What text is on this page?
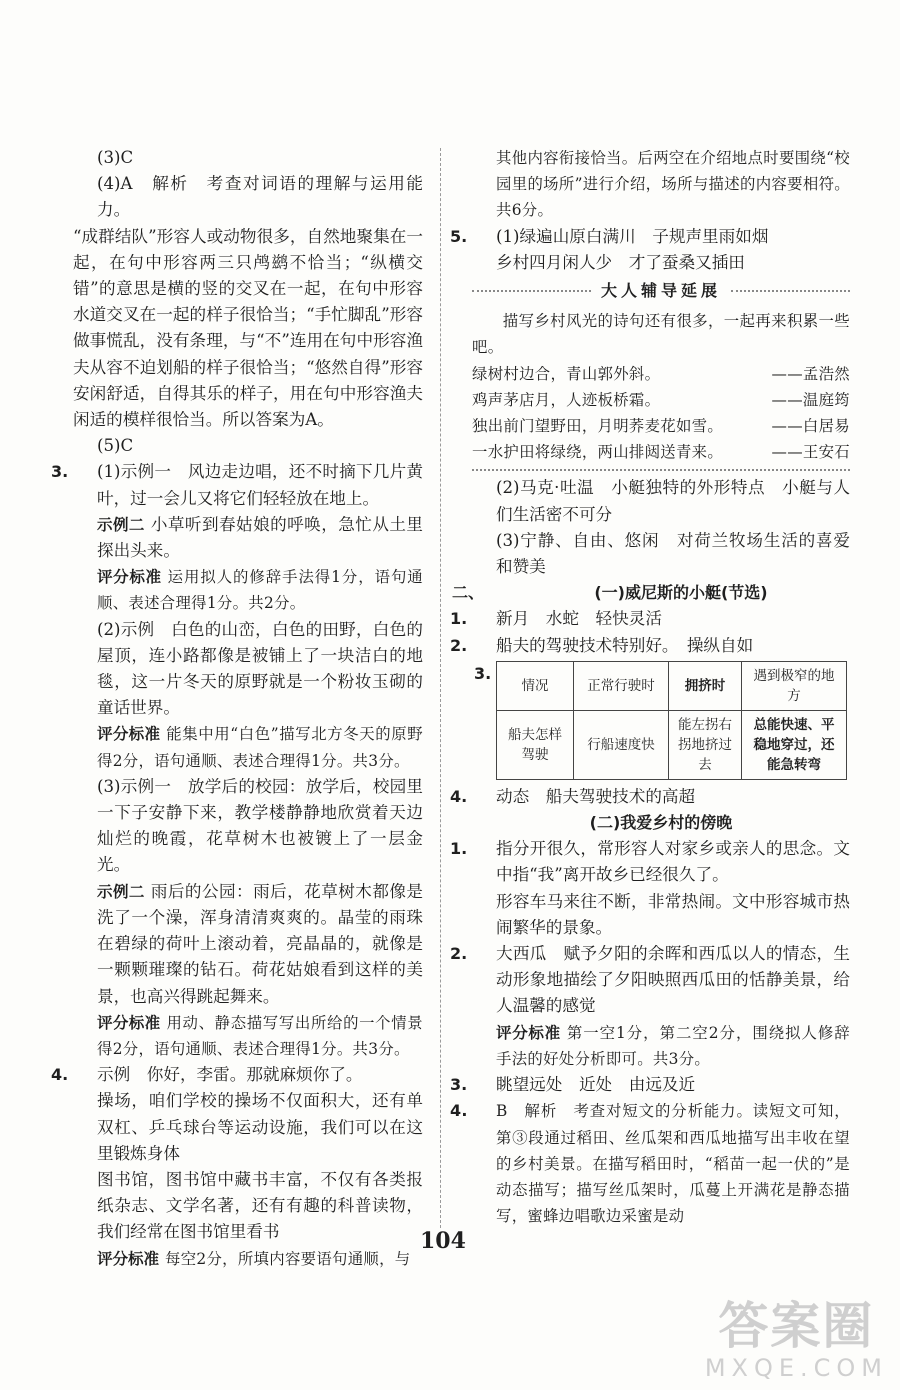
(3)C

(4)A　解析　考查对词语的理解与运用能力。

“成群结队”形容人或动物很多，自然地聚集在一起，在句中形容两三只鸬鹚不恰当；“纵横交错”的意思是横的竖的交叉在一起，在句中形容水道交叉在一起的样子很恰当；“手忙脚乱”形容做事慌乱，没有条理，与“不”连用在句中形容渔夫从容不迫划船的样子很恰当；“悠然自得”形容安闲舒适，自得其乐的样子，用在句中形容渔夫闲适的模样很恰当。所以答案为A。

(5)C

3. (1)示例一　风边走边唱，还不时摘下几片黄叶，过一会儿又将它们轻轻放在地上。

示例二 小草听到春姑娘的呼唤，急忙从土里探出头来。

评分标准 运用拟人的修辞手法得1分，语句通顺、表述合理得1分。共2分。

(2)示例　白色的山峦，白色的田野，白色的屋顶，连小路都像是被铺上了一块洁白的地毯，这一片冬天的原野就是一个粉妆玉砌的童话世界。

评分标准 能集中用“白色”描写北方冬天的原野得2分，语句通顺、表述合理得1分。共3分。

(3)示例一　放学后的校园：放学后，校园里一下子安静下来，教学楼静静地欣赏着天边灿烂的晚霞，花草树木也被镀上了一层金光。

示例二 雨后的公园：雨后，花草树木都像是洗了一个澡，浑身清清爽爽的。晶莹的雨珠在碧绿的荷叶上滚动着，亮晶晶的，就像是一颗颗璀璨的钻石。荷花姑娘看到这样的美景，也高兴得跳起舞来。

评分标准 用动、静态描写写出所给的一个情景得2分，语句通顺、表述合理得1分。共3分。

4. 示例　你好，李雷。那就麻烦你了。

操场，咱们学校的操场不仅面积大，还有单双杠、乒乓球台等运动设施，我们可以在这里锻炼身体

图书馆，图书馆中藏书丰富，不仅有各类报纸杂志、文学名著，还有有趣的科普读物，我们经常在图书馆里看书

评分标准 每空2分，所填内容要语句通顺，与

其他内容衔接恰当。后两空在介绍地点时要围绕“校园里的场所”进行介绍，场所与描述的内容要相符。共6分。

5. (1)绿遍山原白满川　子规声里雨如烟

乡村四月闲人少　才了蚕桑又插田

大人辅导延展

描写乡村风光的诗句还有很多，一起再来积累一些吧。

绿树村边合，青山郭外斜。	——孟浩然
鸡声茅店月，人迹板桥霜。	——温庭筠
独出前门望野田，月明荞麦花如雪。	——白居易
一水护田将绿绕，两山排闼送青来。	——王安石

(2)马克·吐温　小艇独特的外形特点　小艇与人们生活密不可分

(3)宁静、自由、悠闲　对荷兰牧场生活的喜爱和赞美

二、	(一)威尼斯的小艇(节选)

1. 新月　水蛇　轻快灵活

2. 船夫的驾驶技术特别好。　操纵自如

3.
情况	正常行驶时	拥挤时	遇到极窄的地方
船夫怎样驾驶	行船速度快	能左拐右拐地挤过去	总能快速、平稳地穿过，还能急转弯

4. 动态　船夫驾驶技术的高超

(二)我爱乡村的傍晚

1. 指分开很久，常形容人对家乡或亲人的思念。文中指“我”离开故乡已经很久了。

形容车马来往不断，非常热闹。文中形容城市热闹繁华的景象。

2. 大西瓜　赋予夕阳的余晖和西瓜以人的情态，生动形象地描绘了夕阳映照西瓜田的恬静美景，给人温馨的感觉

评分标准 第一空1分，第二空2分，围绕拟人修辞手法的好处分析即可。共3分。

3. 眺望远处　近处　由远及近

4. B　解析　考查对短文的分析能力。读短文可知，第③段通过稻田、丝瓜架和西瓜地描写出丰收在望的乡村美景。在描写稻田时，“稻苗一起一伏的”是动态描写；描写丝瓜架时，瓜蔓上开满花是静态描写，蜜蜂边唱歌边采蜜是动

104
答案圈
MXQE.COM
